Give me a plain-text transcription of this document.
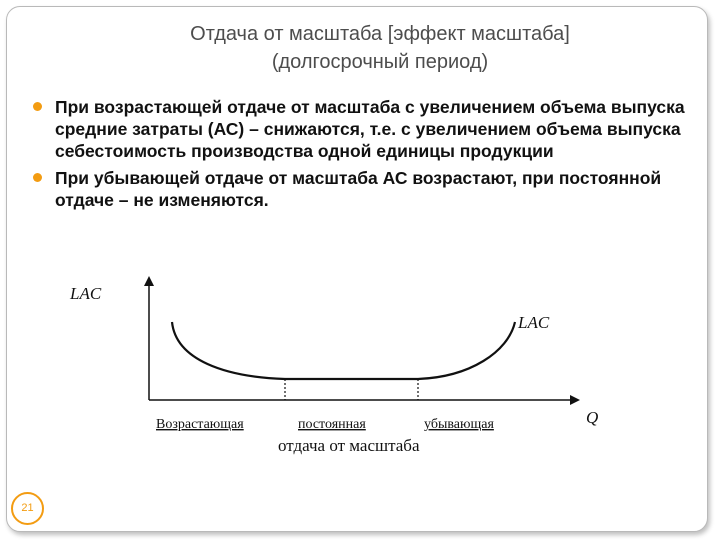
Отдача от масштаба [эффект масштаба]
(долгосрочный период)
При возрастающей отдаче от масштаба с увеличением объема выпуска средние затраты (АС) – снижаются, т.е. с увеличением объема выпуска себестоимость производства одной единицы продукции
При убывающей отдаче от масштаба АС возрастают, при постоянной отдаче – не изменяются.
LAC
LAC
Q
Возрастающая	постоянная	убывающая
отдача от масштаба
21
